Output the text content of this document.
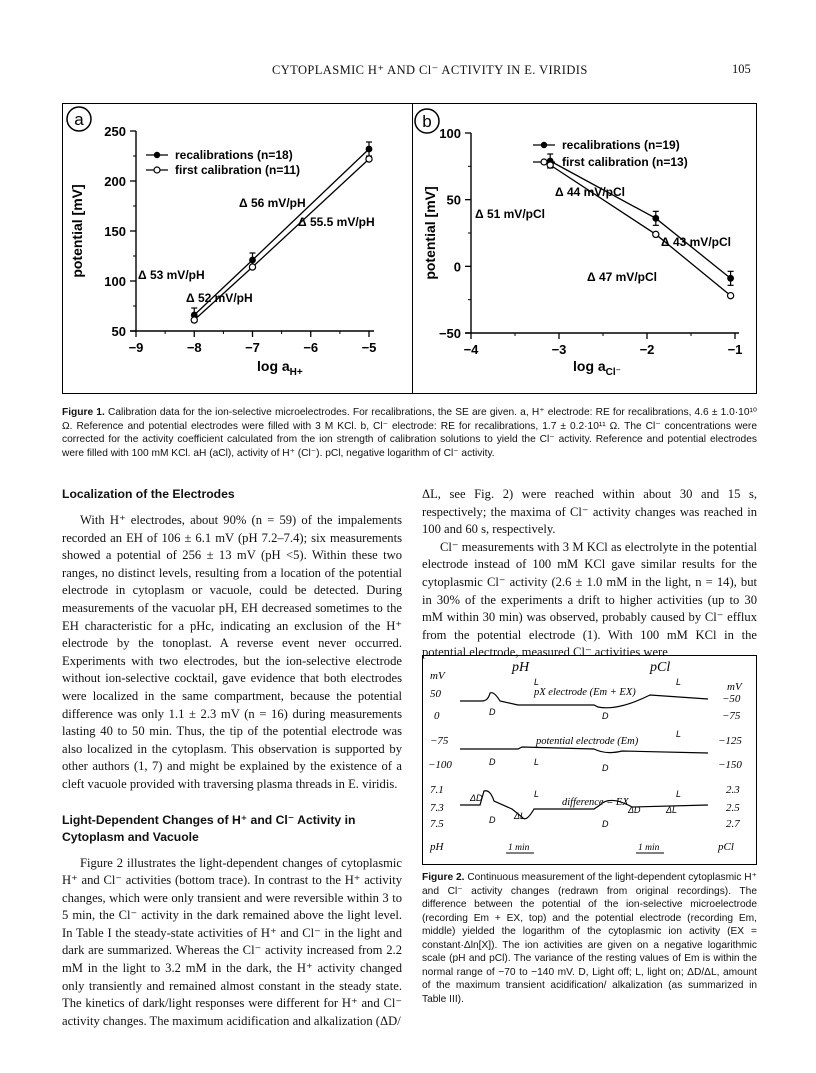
CYTOPLASMIC H⁺ AND Cl⁻ ACTIVITY IN E. VIRIDIS	105
a
50
100
150
200
250
−9	−8	−7	−6	−5
potential [mV]
$\log a_{H+}$
recalibrations (n=18)
first calibration (n=11)
Δ 56 mV/pH
Δ 55.5 mV/pH
Δ 53 mV/pH
Δ 52 mV/pH
b
−50
0
50
100
−4	−3	−2	−1
potential [mV]
$\log a_{Cl^-}$
recalibrations (n=19)
first calibration (n=13)
Δ 44 mV/pCl
Δ 51 mV/pCl
Δ 43 mV/pCl
Δ 47 mV/pCl
Figure 1. Calibration data for the ion-selective microelectrodes. For recalibrations, the SE are given. a, H⁺ electrode: RE for recalibrations, 4.6 ± 1.0·10¹⁰ Ω. Reference and potential electrodes were filled with 3 M KCl. b, Cl⁻ electrode: RE for recalibrations, 1.7 ± 0.2·10¹¹ Ω. The Cl⁻ concentrations were corrected for the activity coefficient calculated from the ion strength of calibration solutions to yield the Cl⁻ activity. Reference and potential electrodes were filled with 100 mM KCl. aH (aCl), activity of H⁺ (Cl⁻). pCl, negative logarithm of Cl⁻ activity.
Localization of the Electrodes

With H⁺ electrodes, about 90% (n = 59) of the impalements recorded an EH of 106 ± 6.1 mV (pH 7.2–7.4); six measurements showed a potential of 256 ± 13 mV (pH <5). Within these two ranges, no distinct levels, resulting from a location of the potential electrode in cytoplasm or vacuole, could be detected. During measurements of the vacuolar pH, EH decreased sometimes to the EH characteristic for a pHc, indicating an exclusion of the H⁺ electrode by the tonoplast. A reverse event never occurred. Experiments with two electrodes, but the ion-selective electrode without ion-selective cocktail, gave evidence that both electrodes were localized in the same compartment, because the potential difference was only 1.1 ± 2.3 mV (n = 16) during measurements lasting 40 to 50 min. Thus, the tip of the potential electrode was also localized in the cytoplasm. This observation is supported by other authors (1, 7) and might be explained by the existence of a cleft vacuole provided with traversing plasma threads in E. viridis.

Light-Dependent Changes of H⁺ and Cl⁻ Activity in
Cytoplasm and Vacuole

Figure 2 illustrates the light-dependent changes of cytoplasmic H⁺ and Cl⁻ activities (bottom trace). In contrast to the H⁺ activity changes, which were only transient and were reversible within 3 to 5 min, the Cl⁻ activity in the dark remained above the light level. In Table I the steady-state activities of H⁺ and Cl⁻ in the light and dark are summarized. Whereas the Cl⁻ activity increased from 2.2 mM in the light to 3.2 mM in the dark, the H⁺ activity changed only transiently and remained almost constant in the steady state. The kinetics of dark/light responses were different for H⁺ and Cl⁻ activity changes. The maximum acidification and alkalization (ΔD/

ΔL, see Fig. 2) were reached within about 30 and 15 s, respectively; the maxima of Cl⁻ activity changes was reached in 100 and 60 s, respectively.

Cl⁻ measurements with 3 M KCl as electrolyte in the potential electrode instead of 100 mM KCl gave similar results for the cytoplasmic Cl⁻ activity (2.6 ± 1.0 mM in the light, n = 14), but in 30% of the experiments a drift to higher activities (up to 30 mM within 30 min) was observed, probably caused by Cl⁻ efflux from the potential electrode (1). With 100 mM KCl in the potential electrode, measured Cl⁻ activities were

pH	pCl
mV
mV
50
0
−75
−100
7.1
7.3
7.5
−50
−75
−125
−150
2.3
2.5
2.7
pX electrode (Em + EX)
potential electrode (Em)
difference = EX
D	D
D	L
D
D	D
L	L
L
L	L
ΔD
ΔL
ΔD	ΔL
pH	pCl
1 min	1 min
Figure 2. Continuous measurement of the light-dependent cytoplasmic H⁺ and Cl⁻ activity changes (redrawn from original recordings). The difference between the potential of the ion-selective microelectrode (recording Em + EX, top) and the potential electrode (recording Em, middle) yielded the logarithm of the cytoplasmic ion activity (EX = constant·Δln[X]). The ion activities are given on a negative logarithmic scale (pH and pCl). The variance of the resting values of Em is within the normal range of −70 to −140 mV. D, Light off; L, light on; ΔD/ΔL, amount of the maximum transient acidification/ alkalization (as summarized in Table III).
